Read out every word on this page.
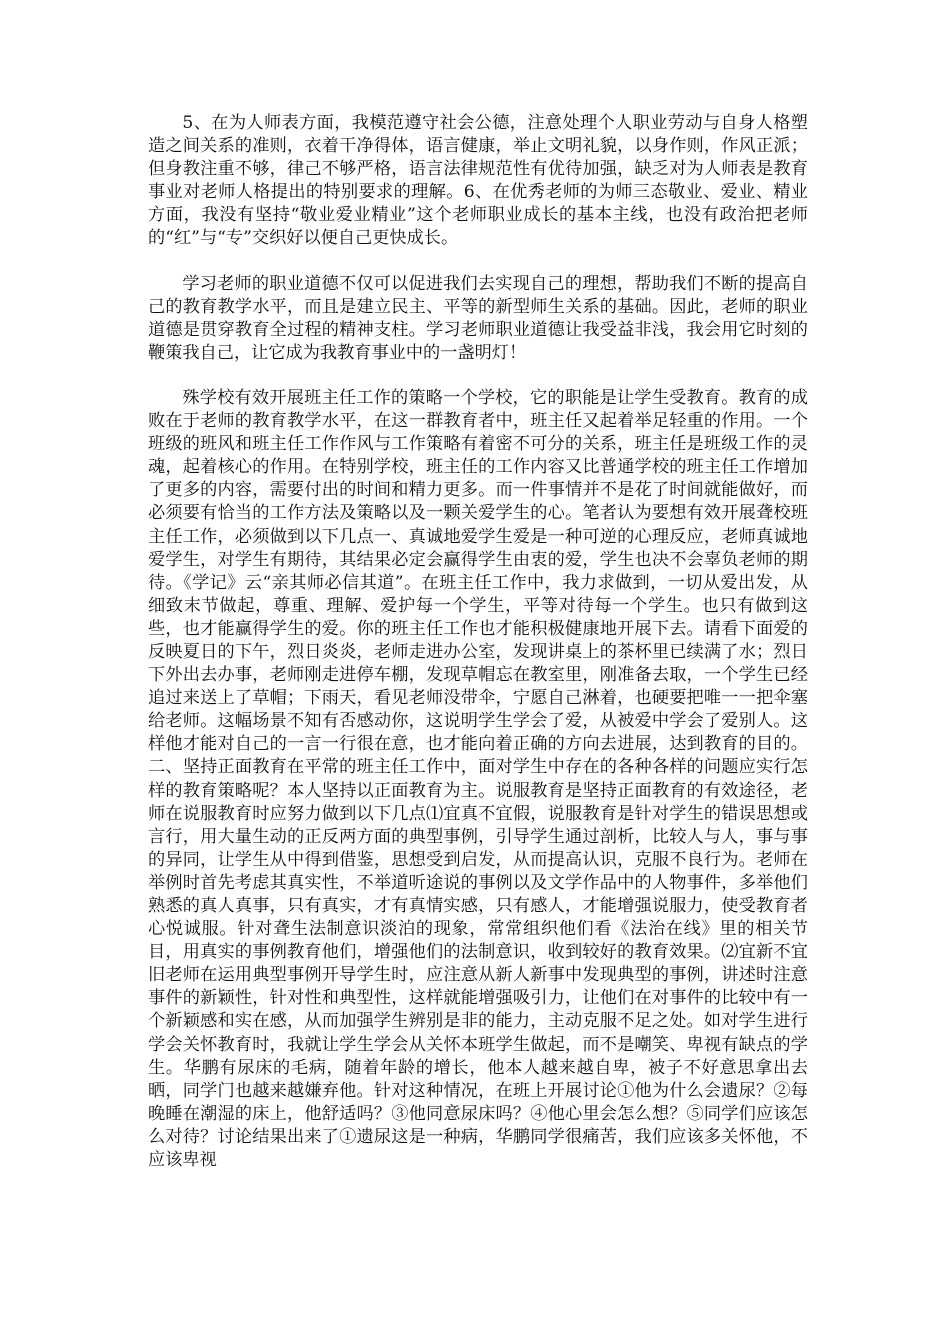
5、在为人师表方面，我模范遵守社会公德，注意处理个人职业劳动与自身人格塑造之间关系的准则，衣着干净得体，语言健康，举止文明礼貌，以身作则，作风正派；但身教注重不够，律己不够严格，语言法律规范性有优待加强，缺乏对为人师表是教育事业对老师人格提出的特别要求的理解。6、在优秀老师的为师三态敬业、爱业、精业方面，我没有坚持“敬业爱业精业”这个老师职业成长的基本主线，也没有政治把老师的“红”与“专”交织好以便自己更快成长。

学习老师的职业道德不仅可以促进我们去实现自己的理想，帮助我们不断的提高自己的教育教学水平，而且是建立民主、平等的新型师生关系的基础。因此，老师的职业道德是贯穿教育全过程的精神支柱。学习老师职业道德让我受益非浅，我会用它时刻的鞭策我自己，让它成为我教育事业中的一盏明灯！

殊学校有效开展班主任工作的策略一个学校，它的职能是让学生受教育。教育的成败在于老师的教育教学水平，在这一群教育者中，班主任又起着举足轻重的作用。一个班级的班风和班主任工作作风与工作策略有着密不可分的关系，班主任是班级工作的灵魂，起着核心的作用。在特别学校，班主任的工作内容又比普通学校的班主任工作增加了更多的内容，需要付出的时间和精力更多。而一件事情并不是花了时间就能做好，而必须要有恰当的工作方法及策略以及一颗关爱学生的心。笔者认为要想有效开展聋校班主任工作，必须做到以下几点一、真诚地爱学生爱是一种可逆的心理反应，老师真诚地爱学生，对学生有期待，其结果必定会赢得学生由衷的爱，学生也决不会辜负老师的期待。《学记》云“亲其师必信其道”。在班主任工作中，我力求做到，一切从爱出发，从细致末节做起，尊重、理解、爱护每一个学生，平等对待每一个学生。也只有做到这些，也才能赢得学生的爱。你的班主任工作也才能积极健康地开展下去。请看下面爱的反映夏日的下午，烈日炎炎，老师走进办公室，发现讲桌上的茶杯里已续满了水；烈日下外出去办事，老师刚走进停车棚，发现草帽忘在教室里，刚准备去取，一个学生已经追过来送上了草帽；下雨天，看见老师没带伞，宁愿自己淋着，也硬要把唯一一把伞塞给老师。这幅场景不知有否感动你，这说明学生学会了爱，从被爱中学会了爱别人。这样他才能对自己的一言一行很在意，也才能向着正确的方向去进展，达到教育的目的。二、坚持正面教育在平常的班主任工作中，面对学生中存在的各种各样的问题应实行怎样的教育策略呢？本人坚持以正面教育为主。说服教育是坚持正面教育的有效途径，老师在说服教育时应努力做到以下几点⑴宜真不宜假，说服教育是针对学生的错误思想或言行，用大量生动的正反两方面的典型事例，引导学生通过剖析，比较人与人，事与事的异同，让学生从中得到借鉴，思想受到启发，从而提高认识，克服不良行为。老师在举例时首先考虑其真实性，不举道听途说的事例以及文学作品中的人物事件，多举他们熟悉的真人真事，只有真实，才有真情实感，只有感人，才能增强说服力，使受教育者心悦诚服。针对聋生法制意识淡泊的现象，常常组织他们看《法治在线》里的相关节目，用真实的事例教育他们，增强他们的法制意识，收到较好的教育效果。⑵宜新不宜旧老师在运用典型事例开导学生时，应注意从新人新事中发现典型的事例，讲述时注意事件的新颖性，针对性和典型性，这样就能增强吸引力，让他们在对事件的比较中有一个新颖感和实在感，从而加强学生辨别是非的能力，主动克服不足之处。如对学生进行学会关怀教育时，我就让学生学会从关怀本班学生做起，而不是嘲笑、卑视有缺点的学生。华鹏有尿床的毛病，随着年龄的增长，他本人越来越自卑，被子不好意思拿出去晒，同学门也越来越嫌弃他。针对这种情况，在班上开展讨论①他为什么会遗尿？②每晚睡在潮湿的床上，他舒适吗？③他同意尿床吗？④他心里会怎么想？⑤同学们应该怎么对待？讨论结果出来了①遗尿这是一种病，华鹏同学很痛苦，我们应该多关怀他，不应该卑视
